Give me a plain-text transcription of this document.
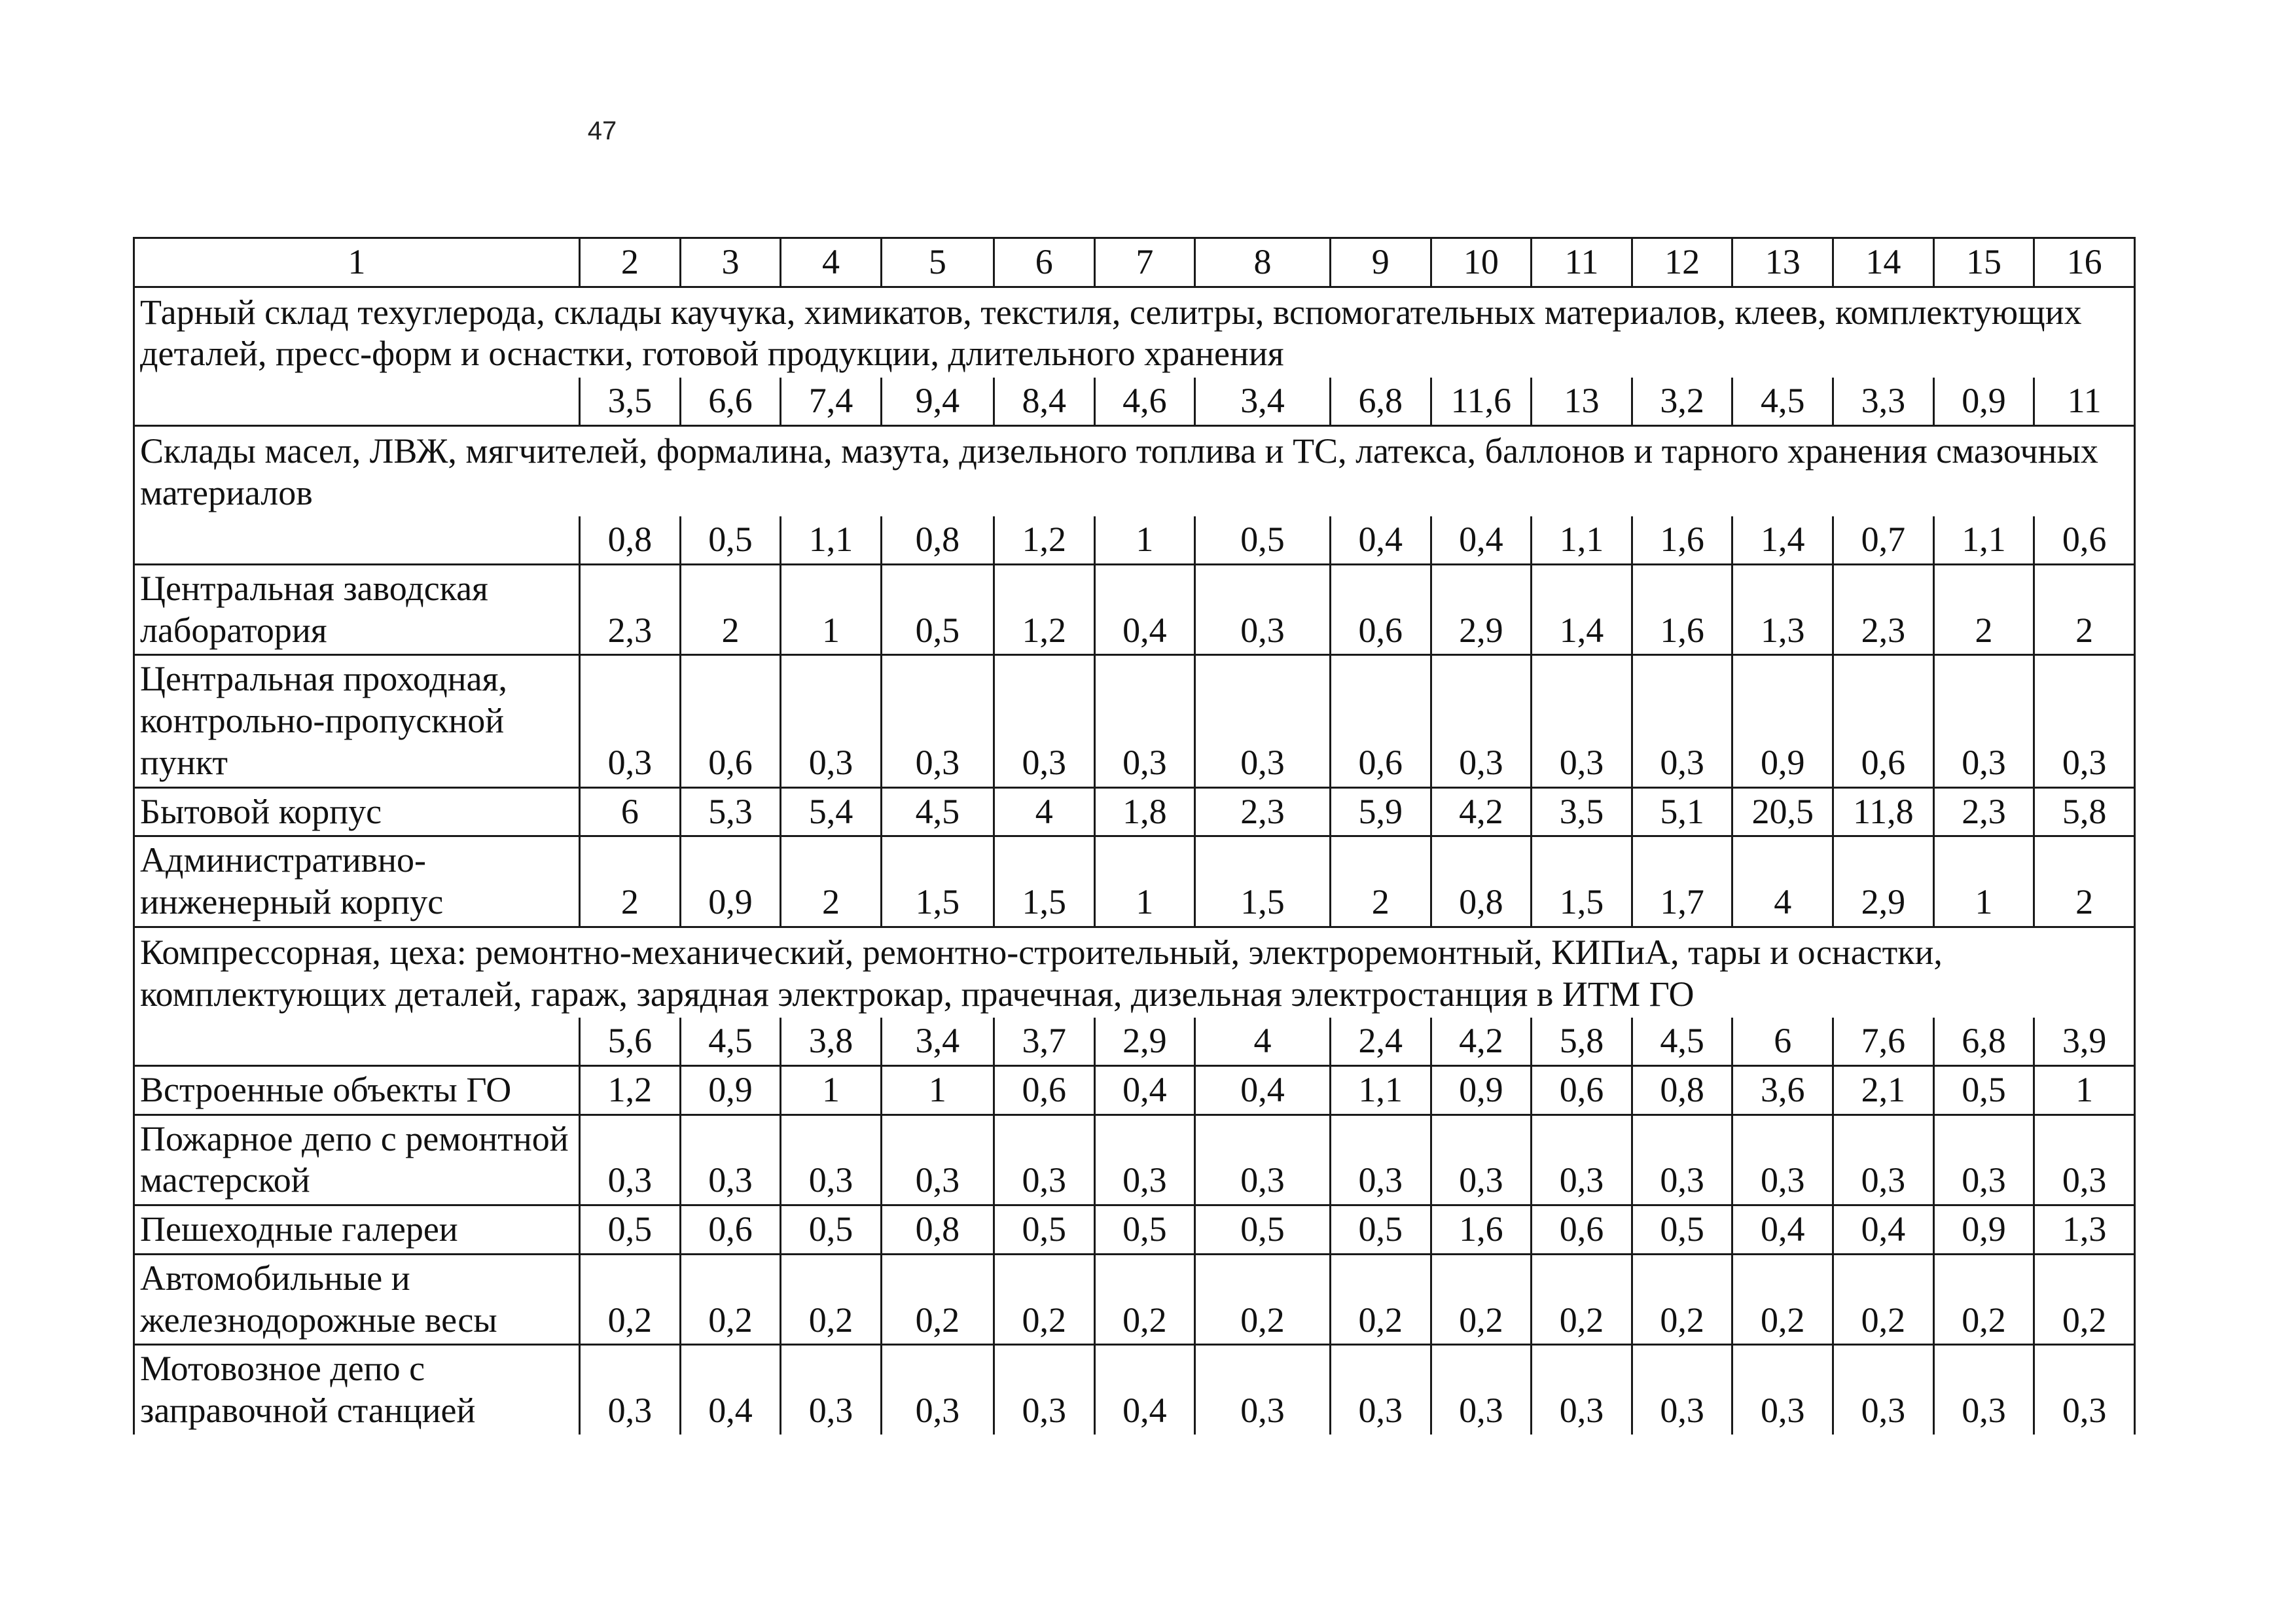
47
1	2	3	4	5	6	7	8	9	10	11	12	13	14	15	16
Тарный склад техуглерода, склады каучука, химикатов, текстиля, селитры, вспомогательных материалов, клеев, комплектующих деталей, пресс-форм и оснастки, готовой продукции, длительного хранения															
	3,5	6,6	7,4	9,4	8,4	4,6	3,4	6,8	11,6	13	3,2	4,5	3,3	0,9	11
Склады масел, ЛВЖ, мягчителей, формалина, мазута, дизельного топлива и ТС, латекса, баллонов и тарного хранения смазочных материалов															
	0,8	0,5	1,1	0,8	1,2	1	0,5	0,4	0,4	1,1	1,6	1,4	0,7	1,1	0,6
Центральная заводская лаборатория	2,3	2	1	0,5	1,2	0,4	0,3	0,6	2,9	1,4	1,6	1,3	2,3	2	2
Центральная проходная, контрольно-пропускной пункт	0,3	0,6	0,3	0,3	0,3	0,3	0,3	0,6	0,3	0,3	0,3	0,9	0,6	0,3	0,3
Бытовой корпус	6	5,3	5,4	4,5	4	1,8	2,3	5,9	4,2	3,5	5,1	20,5	11,8	2,3	5,8
Административно-инженерный корпус	2	0,9	2	1,5	1,5	1	1,5	2	0,8	1,5	1,7	4	2,9	1	2
Компрессорная, цеха: ремонтно-механический, ремонтно-строительный, электроремонтный, КИПиА, тары и оснастки, комплектующих деталей, гараж, зарядная электрокар, прачечная, дизельная электростанция в ИТМ ГО															
	5,6	4,5	3,8	3,4	3,7	2,9	4	2,4	4,2	5,8	4,5	6	7,6	6,8	3,9
Встроенные объекты ГО	1,2	0,9	1	1	0,6	0,4	0,4	1,1	0,9	0,6	0,8	3,6	2,1	0,5	1
Пожарное депо с ремонтной мастерской	0,3	0,3	0,3	0,3	0,3	0,3	0,3	0,3	0,3	0,3	0,3	0,3	0,3	0,3	0,3
Пешеходные галереи	0,5	0,6	0,5	0,8	0,5	0,5	0,5	0,5	1,6	0,6	0,5	0,4	0,4	0,9	1,3
Автомобильные и железнодорожные весы	0,2	0,2	0,2	0,2	0,2	0,2	0,2	0,2	0,2	0,2	0,2	0,2	0,2	0,2	0,2
Мотовозное депо с заправочной станцией	0,3	0,4	0,3	0,3	0,3	0,4	0,3	0,3	0,3	0,3	0,3	0,3	0,3	0,3	0,3
